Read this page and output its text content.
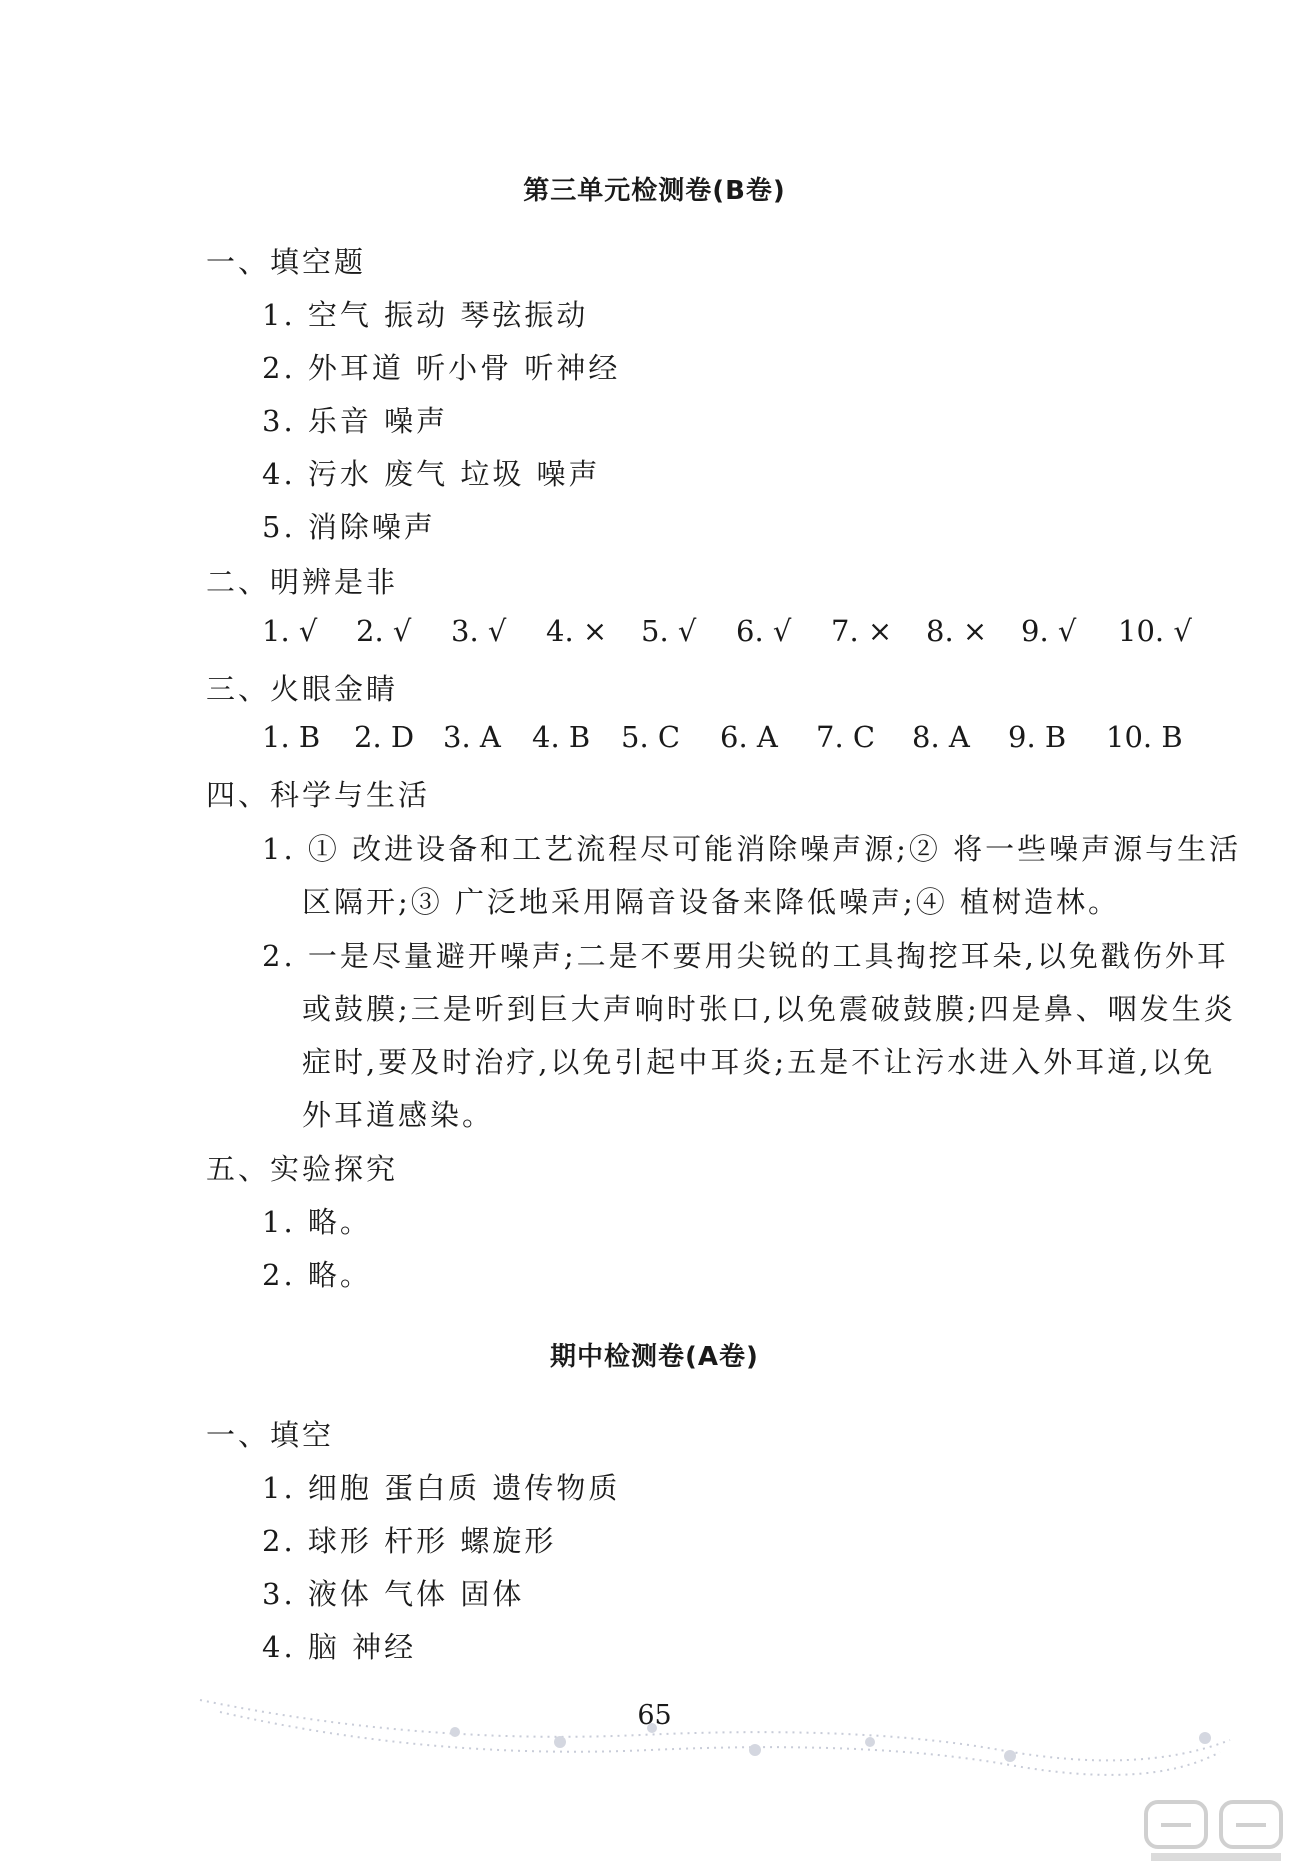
第三单元检测卷(B卷)
一、填空题
1. 空气 振动 琴弦振动
2. 外耳道 听小骨 听神经
3. 乐音 噪声
4. 污水 废气 垃圾 噪声
5. 消除噪声
二、明辨是非
1. √ 2. √ 3. √ 4. × 5. √ 6. √ 7. × 8. × 9. √ 10. √
三、火眼金睛
1. B 2. D 3. A 4. B 5. C 6. A 7. C 8. A 9. B 10. B
四、科学与生活
1. ① 改进设备和工艺流程尽可能消除噪声源;② 将一些噪声源与生活
区隔开;③ 广泛地采用隔音设备来降低噪声;④ 植树造林。
2. 一是尽量避开噪声;二是不要用尖锐的工具掏挖耳朵,以免戳伤外耳
或鼓膜;三是听到巨大声响时张口,以免震破鼓膜;四是鼻、咽发生炎
症时,要及时治疗,以免引起中耳炎;五是不让污水进入外耳道,以免
外耳道感染。
五、实验探究
1. 略。
2. 略。
期中检测卷(A卷)
一、填空
1. 细胞 蛋白质 遗传物质
2. 球形 杆形 螺旋形
3. 液体 气体 固体
4. 脑 神经
65
